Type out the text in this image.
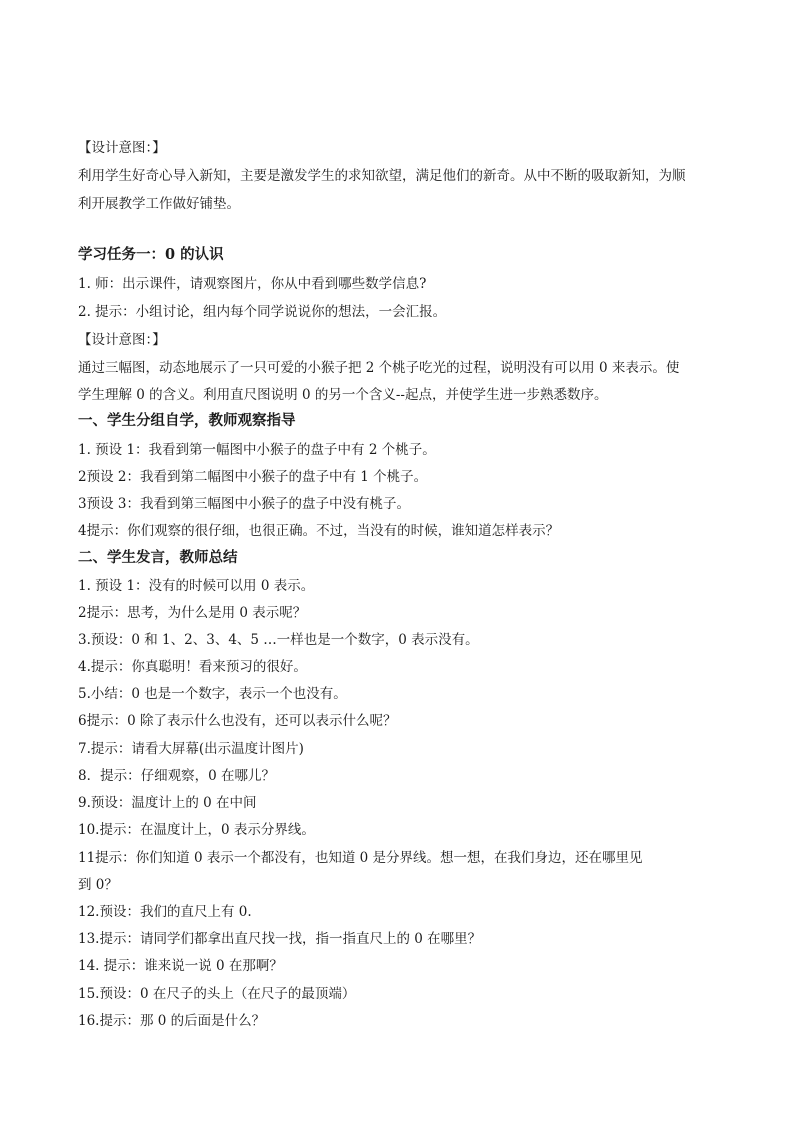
【设计意图：】
利用学生好奇心导入新知，主要是激发学生的求知欲望，满足他们的新奇。从中不断的吸取新知，为顺
利开展教学工作做好铺垫。
学习任务一：0 的认识
1. 师：出示课件，请观察图片，你从中看到哪些数学信息?
2. 提示：小组讨论，组内每个同学说说你的想法，一会汇报。
【设计意图：】
通过三幅图，动态地展示了一只可爱的小猴子把 2 个桃子吃光的过程，说明没有可以用 0 来表示。使
学生理解 0 的含义。利用直尺图说明 0 的另一个含义--起点，并使学生进一步熟悉数序。
一、学生分组自学，教师观察指导
1. 预设 1：我看到第一幅图中小猴子的盘子中有 2 个桃子。
2预设 2：我看到第二幅图中小猴子的盘子中有 1 个桃子。
3预设 3：我看到第三幅图中小猴子的盘子中没有桃子。
4提示：你们观察的很仔细，也很正确。不过，当没有的时候，谁知道怎样表示？
二、学生发言，教师总结
1. 预设 1：没有的时候可以用 0 表示。
2提示：思考，为什么是用 0 表示呢？
3.预设：0 和 1、2、3、4、5 …一样也是一个数字，0 表示没有。
4.提示：你真聪明！看来预习的很好。
5.小结：0 也是一个数字，表示一个也没有。
6提示：0 除了表示什么也没有，还可以表示什么呢？
7.提示：请看大屏幕(出示温度计图片)
8．提示：仔细观察，0 在哪儿？
9.预设：温度计上的 0 在中间
10.提示：在温度计上，0 表示分界线。
11提示：你们知道 0 表示一个都没有，也知道 0 是分界线。想一想，在我们身边，还在哪里见
到 0？
12.预设：我们的直尺上有 0.
13.提示：请同学们都拿出直尺找一找，指一指直尺上的 0 在哪里？
14. 提示：谁来说一说 0 在那啊？
15.预设：0 在尺子的头上（在尺子的最顶端）
16.提示：那 0 的后面是什么？
